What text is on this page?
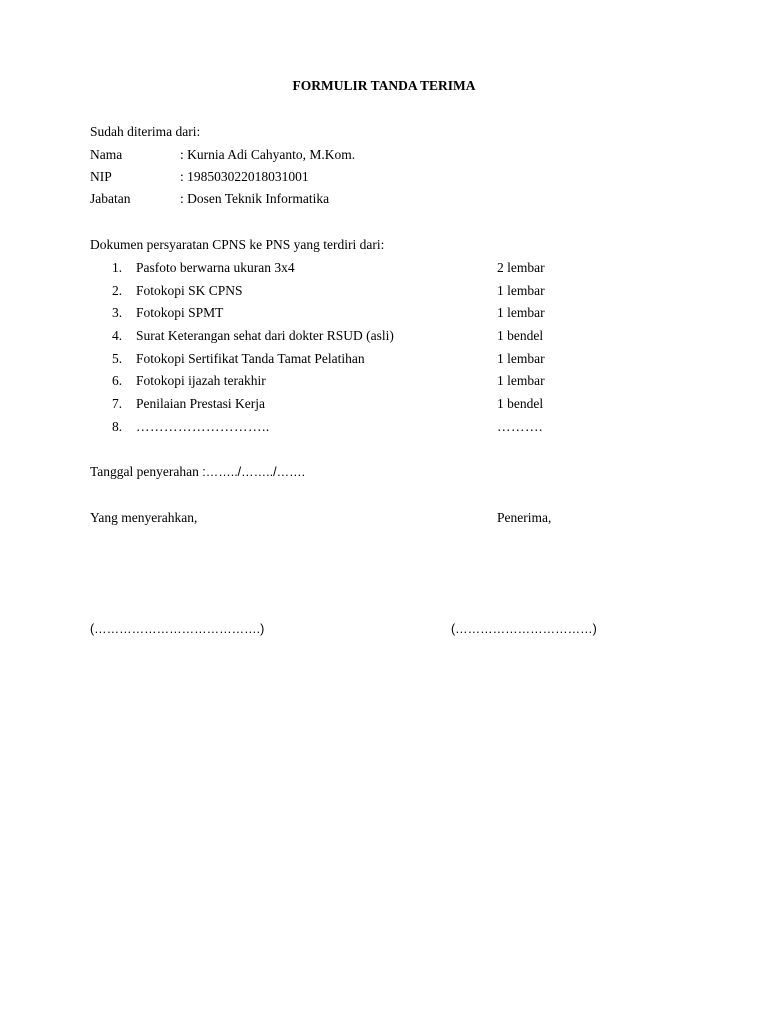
FORMULIR TANDA TERIMA
Sudah diterima dari:
Nama	: Kurnia Adi Cahyanto, M.Kom.
NIP	: 198503022018031001
Jabatan	: Dosen Teknik Informatika
Dokumen persyaratan CPNS ke PNS yang terdiri dari:
1. Pasfoto berwarna ukuran 3x4	2 lembar
2. Fotokopi SK CPNS	1 lembar
3. Fotokopi SPMT	1 lembar
4. Surat Keterangan sehat dari dokter RSUD (asli)	1 bendel
5. Fotokopi Sertifikat Tanda Tamat Pelatihan	1 lembar
6. Fotokopi ijazah terakhir	1 lembar
7. Penilaian Prestasi Kerja	1 bendel
8. ………………………..	……….
Tanggal penyerahan :……../……../…….
Yang menyerahkan,	Penerima,
(………………………………….)	(……………………………)
